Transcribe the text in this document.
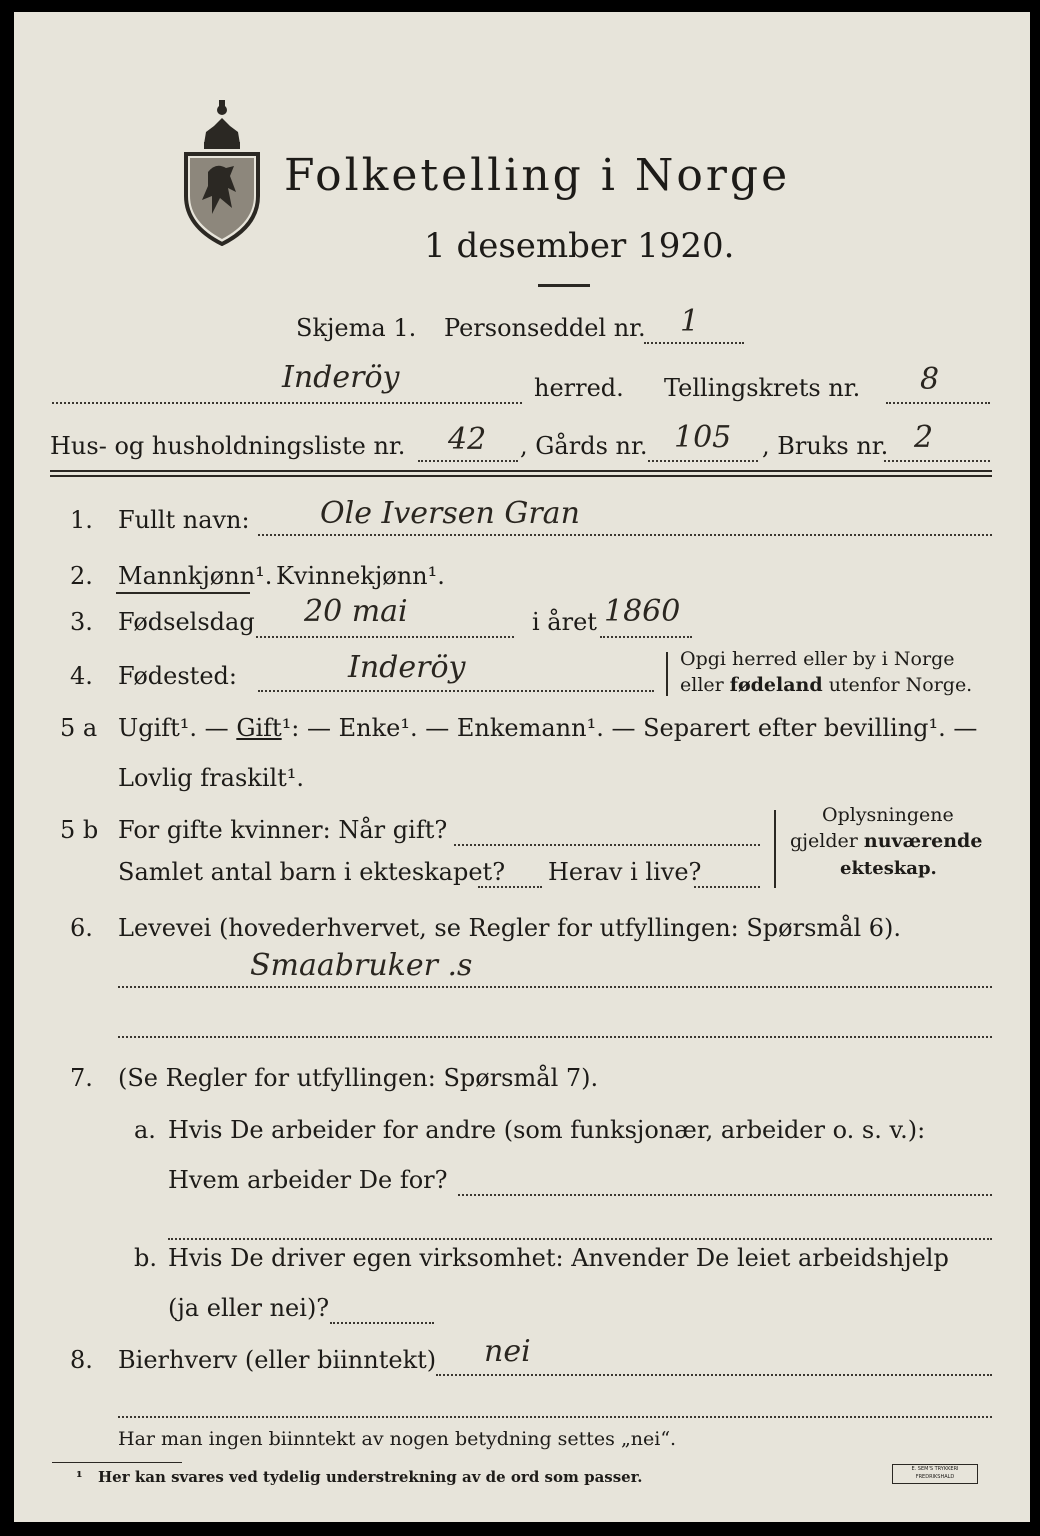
Folketelling i Norge
1 desember 1920.
Skjema 1. Personseddel nr. 1
Inderöy	herred. Tellingskrets nr. 8
Hus- og husholdningsliste nr. 42 , Gårds nr. 105 , Bruks nr. 2
1. Fullt navn: Ole Iversen Gran
2. Mannkjønn¹. Kvinnekjønn¹.
3. Fødselsdag 20 mai	i året 1860
4. Fødested:	Inderöy	Opgi herred eller by i Norge
eller fødeland utenfor Norge.
5 a Ugift¹. — Gift¹: — Enke¹. — Enkemann¹. — Separert efter bevilling¹. —
Lovlig fraskilt¹.
5 b For gifte kvinner: Når gift?
Samlet antal barn i ekteskapet? Herav i live?
Oplysningene
gjelder nuværende
ekteskap.
6. Levevei (hovederhvervet, se Regler for utfyllingen: Spørsmål 6).
Smaabruker .s
7. (Se Regler for utfyllingen: Spørsmål 7).
a. Hvis De arbeider for andre (som funksjonær, arbeider o. s. v.):
Hvem arbeider De for?
b. Hvis De driver egen virksomhet: Anvender De leiet arbeidshjelp
(ja eller nei)?
8. Bierhverv (eller biinntekt) nei
Har man ingen biinntekt av nogen betydning settes „nei“.
¹ Her kan svares ved tydelig understrekning av de ord som passer.	E. SEM'S TRYKKERI
FREDRIKSHALD
